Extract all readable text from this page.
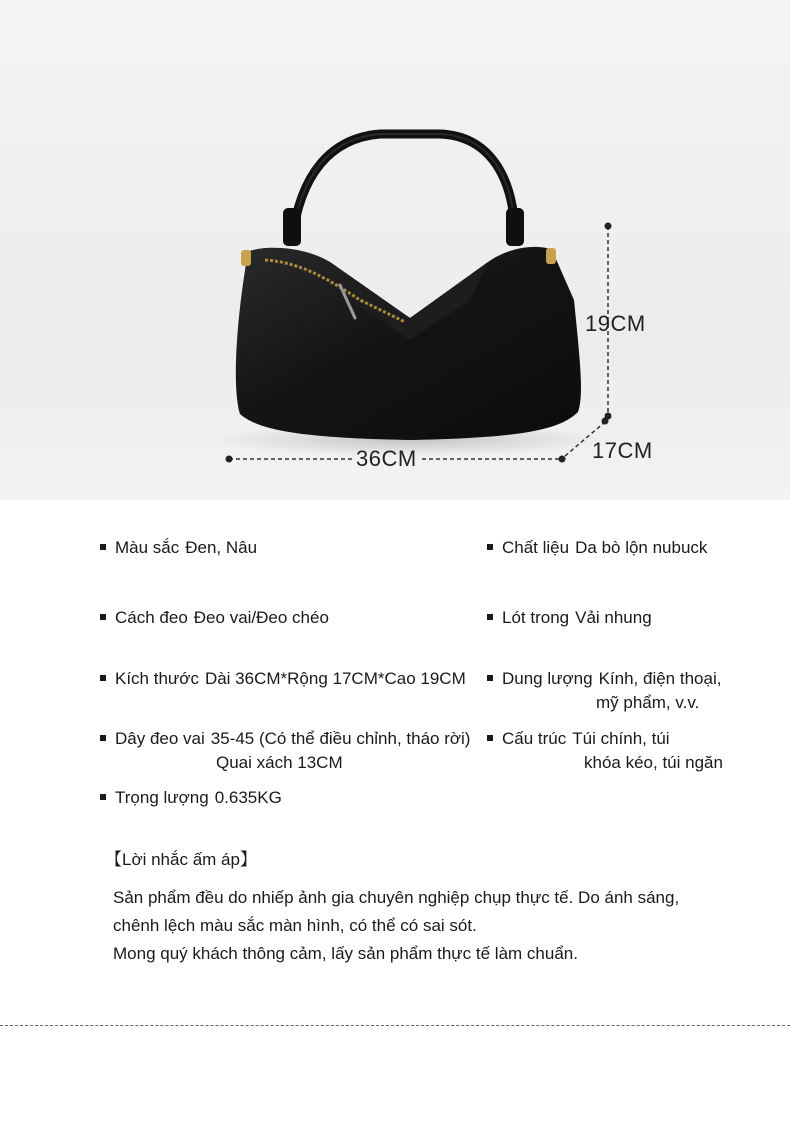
19CM
36CM	17CM
Màu sắc Đen, Nâu
Cách đeo Đeo vai/Đeo chéo
Kích thước Dài 36CM*Rộng 17CM*Cao 19CM
Dây đeo vai 35-45 (Có thể điều chỉnh, tháo rời)
Quai xách 13CM
Trọng lượng 0.635KG
Chất liệu Da bò lộn nubuck
Lót trong Vải nhung
Dung lượng Kính, điện thoại,
mỹ phẩm, v.v.
Cấu trúc Túi chính, túi
khóa kéo, túi ngăn
【Lời nhắc ấm áp】
Sản phẩm đều do nhiếp ảnh gia chuyên nghiệp chụp thực tế. Do ánh sáng,
chênh lệch màu sắc màn hình, có thể có sai sót.
Mong quý khách thông cảm, lấy sản phẩm thực tế làm chuẩn.
